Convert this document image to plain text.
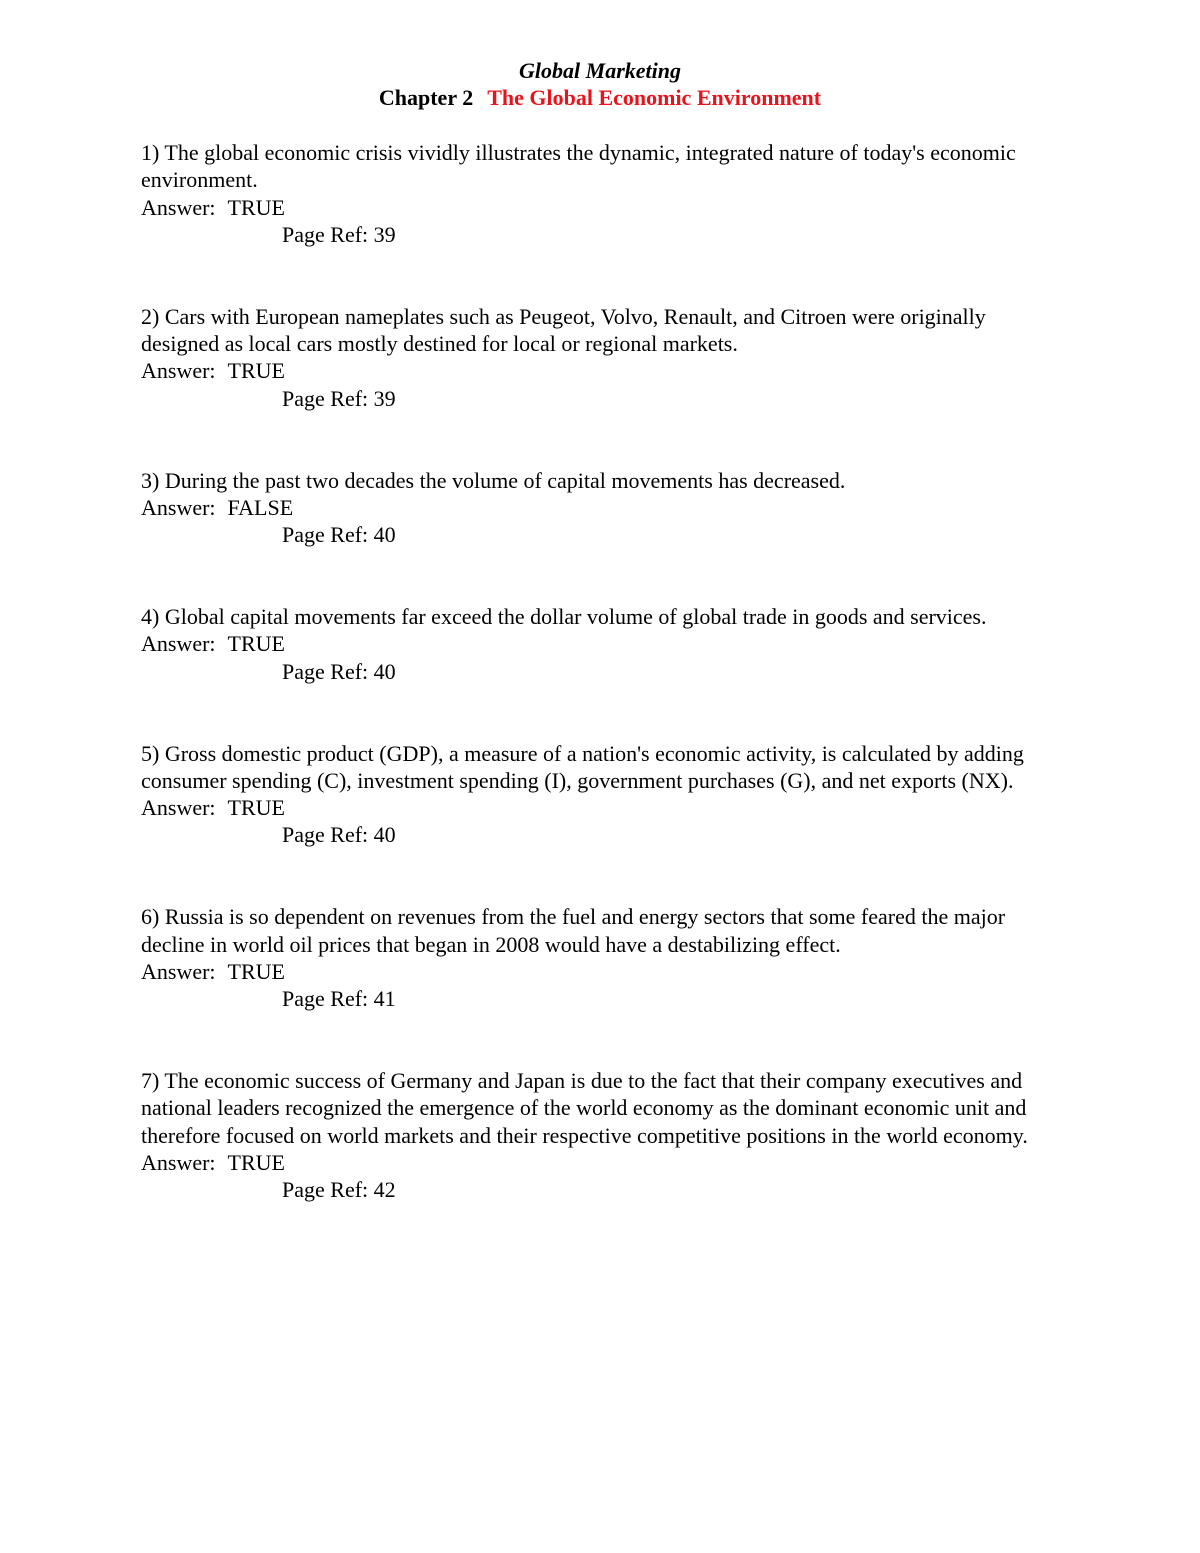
Global Marketing
Chapter 2 The Global Economic Environment
1) The global economic crisis vividly illustrates the dynamic, integrated nature of today's economic environment.
Answer: TRUE
Page Ref: 39
2) Cars with European nameplates such as Peugeot, Volvo, Renault, and Citroen were originally designed as local cars mostly destined for local or regional markets.
Answer: TRUE
Page Ref: 39
3) During the past two decades the volume of capital movements has decreased.
Answer: FALSE
Page Ref: 40
4) Global capital movements far exceed the dollar volume of global trade in goods and services.
Answer: TRUE
Page Ref: 40
5) Gross domestic product (GDP), a measure of a nation's economic activity, is calculated by adding consumer spending (C), investment spending (I), government purchases (G), and net exports (NX).
Answer: TRUE
Page Ref: 40
6) Russia is so dependent on revenues from the fuel and energy sectors that some feared the major decline in world oil prices that began in 2008 would have a destabilizing effect.
Answer: TRUE
Page Ref: 41
7) The economic success of Germany and Japan is due to the fact that their company executives and national leaders recognized the emergence of the world economy as the dominant economic unit and therefore focused on world markets and their respective competitive positions in the world economy.
Answer: TRUE
Page Ref: 42
